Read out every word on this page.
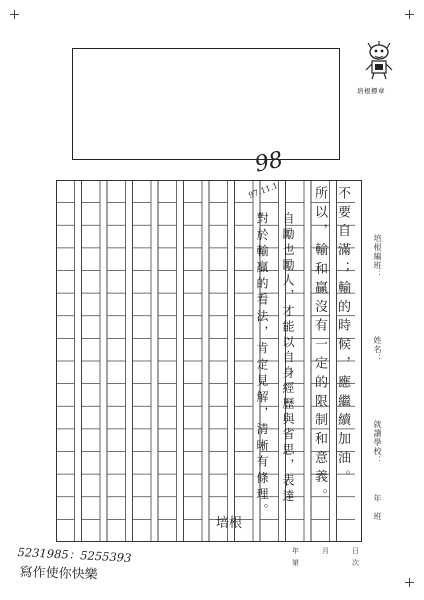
培根標章
不要自滿；輸的時候，應繼續加油。
所以，輸和贏沒有一定的限制和意義。
自勵也勵人，才能以自身經歷與省思，表達
對於輸贏的看法，肯定見解，清晰有條理。
98
97.11.1
培根
培根編班：
姓名：
就讀學校：
年　班
年
第
月	日
次
5231985：5255393
寫作使你快樂
